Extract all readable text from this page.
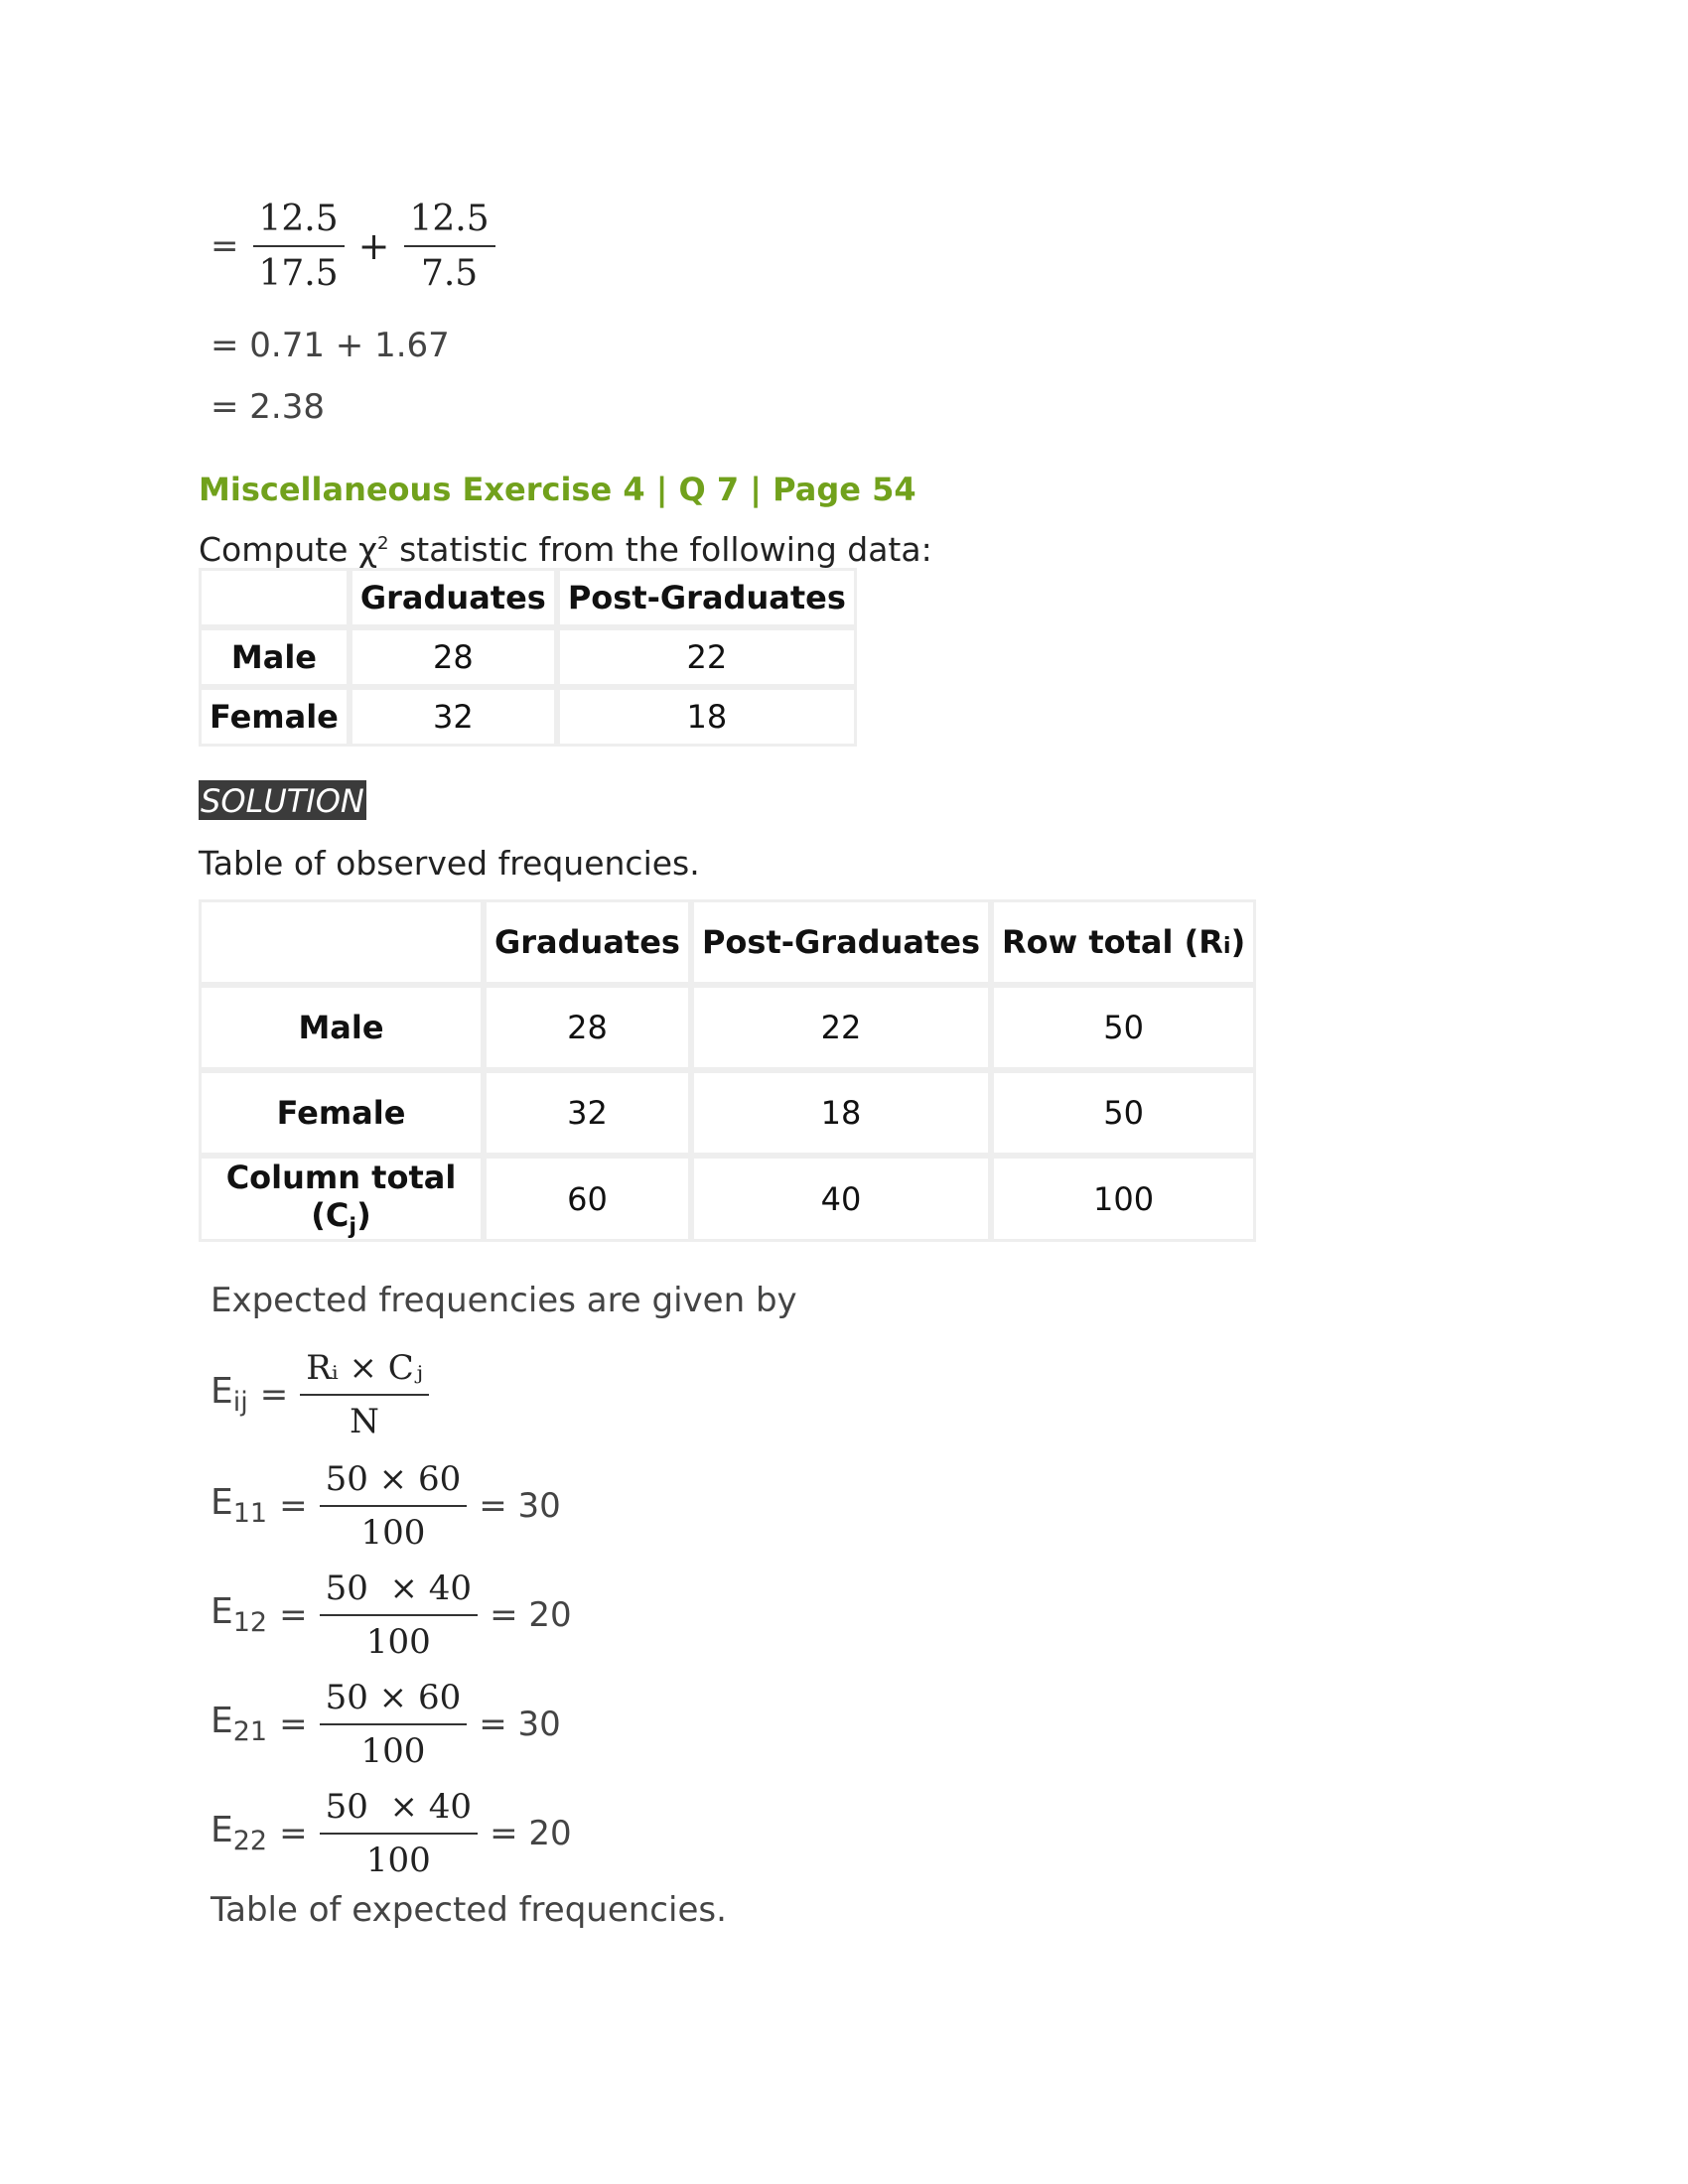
= $\frac{12.5}{17.5} + \frac{12.5}{7.5}$
= 0.71 + 1.67
= 2.38
Miscellaneous Exercise 4 | Q 7 | Page 54
Compute $\chi^2$ statistic from the following data:
	Graduates	Post-Graduates
Male	28	22
Female	32	18
SOLUTION
Table of observed frequencies.
	Graduates	Post-Graduates	Row total (Ri)
Male	28	22	50
Female	32	18	50
Column total $(C_j)$	60	40	100
Expected frequencies are given by
$E_{ij} = \frac{\text{Rᵢ × Cⱼ}}{N}$
$E_{11} = \frac{50 \times 60}{100} = 30$
$E_{12} = \frac{50 \times 40}{100} = 20$
$E_{21} = \frac{50 \times 60}{100} = 30$
$E_{22} = \frac{50 \times 40}{100} = 20$
Table of expected frequencies.
